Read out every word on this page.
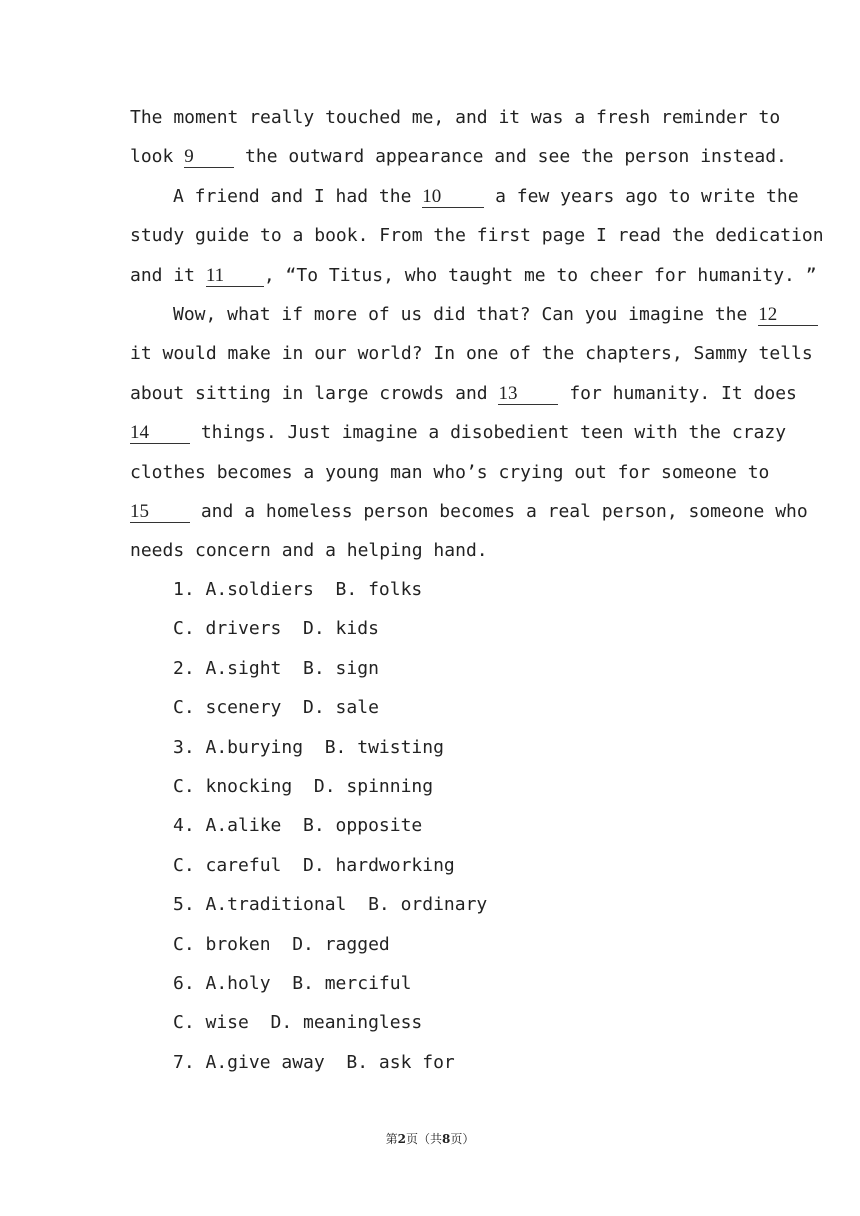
The moment really touched me, and it was a fresh reminder to
look 9	the outward appearance and see the person instead.
A friend and I had the 10	a few years ago to write the
study guide to a book. From the first page I read the dedication
and it 11 , “To Titus, who taught me to cheer for humanity. ”
Wow, what if more of us did that? Can you imagine the 12
it would make in our world? In one of the chapters, Sammy tells
about sitting in large crowds and 13	for humanity. It does
14	things. Just imagine a disobedient teen with the crazy
clothes becomes a young man who’s crying out for someone to
15	and a homeless person becomes a real person, someone who
needs concern and a helping hand.
1. A.soldiers  B. folks
C. drivers  D. kids
2. A.sight  B. sign
C. scenery  D. sale
3. A.burying  B. twisting
C. knocking  D. spinning
4. A.alike  B. opposite
C. careful  D. hardworking
5. A.traditional  B. ordinary
C. broken  D. ragged
6. A.holy  B. merciful
C. wise  D. meaningless
7. A.give away  B. ask for
第2页（共8页）
